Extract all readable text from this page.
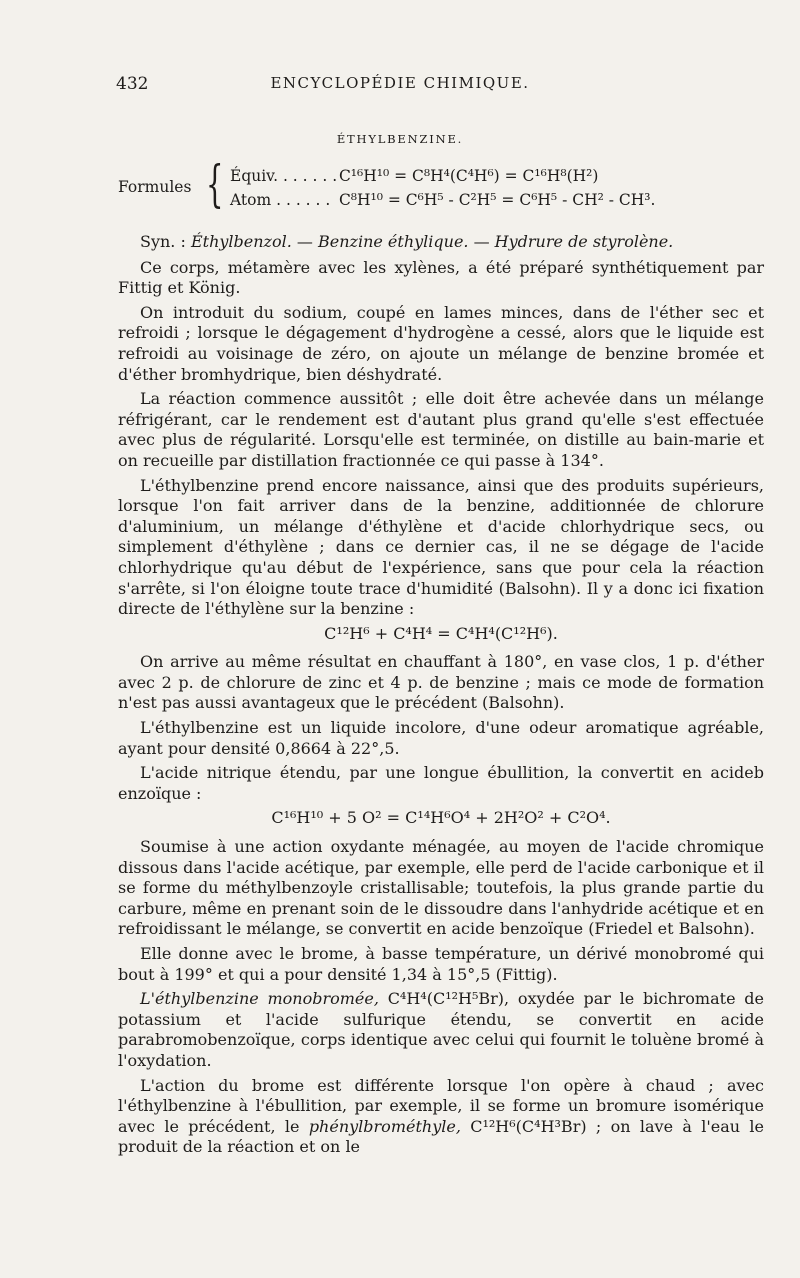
432	ENCYCLOPÉDIE CHIMIQUE.
ÉTHYLBENZINE.
Formules { Équiv. . . . . . . C¹⁶H¹⁰ = C⁸H⁴(C⁴H⁶) = C¹⁶H⁸(H²)
Atom . . . . . . C⁸H¹⁰ = C⁶H⁵ - C²H⁵ = C⁶H⁵ - CH² - CH³.

Syn. : Éthylbenzol. — Benzine éthylique. — Hydrure de styrolène.

Ce corps, métamère avec les xylènes, a été préparé synthétiquement par Fittig et König.

On introduit du sodium, coupé en lames minces, dans de l'éther sec et refroidi ; lorsque le dégagement d'hydrogène a cessé, alors que le liquide est refroidi au voisinage de zéro, on ajoute un mélange de benzine bromée et d'éther bromhydrique, bien déshydraté.

La réaction commence aussitôt ; elle doit être achevée dans un mélange réfrigérant, car le rendement est d'autant plus grand qu'elle s'est effectuée avec plus de régularité. Lorsqu'elle est terminée, on distille au bain-marie et on recueille par distillation fractionnée ce qui passe à 134°.

L'éthylbenzine prend encore naissance, ainsi que des produits supérieurs, lorsque l'on fait arriver dans de la benzine, additionnée de chlorure d'aluminium, un mélange d'éthylène et d'acide chlorhydrique secs, ou simplement d'éthylène ; dans ce dernier cas, il ne se dégage de l'acide chlorhydrique qu'au début de l'expérience, sans que pour cela la réaction s'arrête, si l'on éloigne toute trace d'humidité (Balsohn). Il y a donc ici fixation directe de l'éthylène sur la benzine :

C¹²H⁶ + C⁴H⁴ = C⁴H⁴(C¹²H⁶).

On arrive au même résultat en chauffant à 180°, en vase clos, 1 p. d'éther avec 2 p. de chlorure de zinc et 4 p. de benzine ; mais ce mode de formation n'est pas aussi avantageux que le précédent (Balsohn).

L'éthylbenzine est un liquide incolore, d'une odeur aromatique agréable, ayant pour densité 0,8664 à 22°,5.

L'acide nitrique étendu, par une longue ébullition, la convertit en acideb enzoïque :

C¹⁶H¹⁰ + 5 O² = C¹⁴H⁶O⁴ + 2H²O² + C²O⁴.

Soumise à une action oxydante ménagée, au moyen de l'acide chromique dissous dans l'acide acétique, par exemple, elle perd de l'acide carbonique et il se forme du méthylbenzoyle cristallisable; toutefois, la plus grande partie du carbure, même en prenant soin de le dissoudre dans l'anhydride acétique et en refroidissant le mélange, se convertit en acide benzoïque (Friedel et Balsohn).

Elle donne avec le brome, à basse température, un dérivé monobromé qui bout à 199° et qui a pour densité 1,34 à 15°,5 (Fittig).

L'éthylbenzine monobromée, C⁴H⁴(C¹²H⁵Br), oxydée par le bichromate de potassium et l'acide sulfurique étendu, se convertit en acide parabromobenzoïque, corps identique avec celui qui fournit le toluène bromé à l'oxydation.

L'action du brome est différente lorsque l'on opère à chaud ; avec l'éthylbenzine à l'ébullition, par exemple, il se forme un bromure isomérique avec le précédent, le phénylbrométhyle, C¹²H⁶(C⁴H³Br) ; on lave à l'eau le produit de la réaction et on le
